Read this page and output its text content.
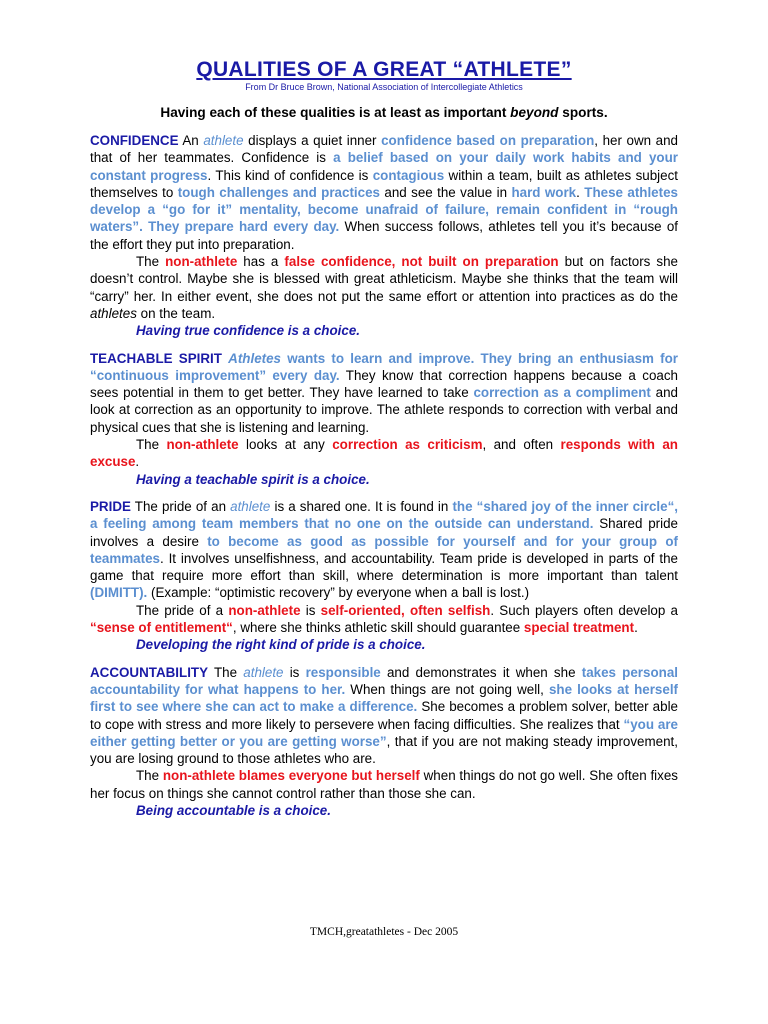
QUALITIES OF A GREAT “ATHLETE”
From Dr Bruce Brown, National Association of Intercollegiate Athletics
Having each of these qualities is at least as important beyond sports.

CONFIDENCE An athlete displays a quiet inner confidence based on preparation, her own and that of her teammates. Confidence is a belief based on your daily work habits and your constant progress. This kind of confidence is contagious within a team, built as athletes subject themselves to tough challenges and practices and see the value in hard work. These athletes develop a “go for it” mentality, become unafraid of failure, remain confident in “rough waters”. They prepare hard every day. When success follows, athletes tell you it’s because of the effort they put into preparation.

The non-athlete has a false confidence, not built on preparation but on factors she doesn’t control. Maybe she is blessed with great athleticism. Maybe she thinks that the team will “carry” her. In either event, she does not put the same effort or attention into practices as do the athletes on the team.

Having true confidence is a choice.

TEACHABLE SPIRIT Athletes wants to learn and improve. They bring an enthusiasm for “continuous improvement” every day. They know that correction happens because a coach sees potential in them to get better. They have learned to take correction as a compliment and look at correction as an opportunity to improve. The athlete responds to correction with verbal and physical cues that she is listening and learning.

The non-athlete looks at any correction as criticism, and often responds with an excuse.

Having a teachable spirit is a choice.

PRIDE The pride of an athlete is a shared one. It is found in the “shared joy of the inner circle“, a feeling among team members that no one on the outside can understand. Shared pride involves a desire to become as good as possible for yourself and for your group of teammates. It involves unselfishness, and accountability. Team pride is developed in parts of the game that require more effort than skill, where determination is more important than talent (DIMITT). (Example: “optimistic recovery” by everyone when a ball is lost.)

The pride of a non-athlete is self-oriented, often selfish. Such players often develop a “sense of entitlement“, where she thinks athletic skill should guarantee special treatment.

Developing the right kind of pride is a choice.

ACCOUNTABILITY The athlete is responsible and demonstrates it when she takes personal accountability for what happens to her. When things are not going well, she looks at herself first to see where she can act to make a difference. She becomes a problem solver, better able to cope with stress and more likely to persevere when facing difficulties. She realizes that “you are either getting better or you are getting worse”, that if you are not making steady improvement, you are losing ground to those athletes who are.

The non-athlete blames everyone but herself when things do not go well. She often fixes her focus on things she cannot control rather than those she can.

Being accountable is a choice.

TMCH,greatathletes - Dec 2005
